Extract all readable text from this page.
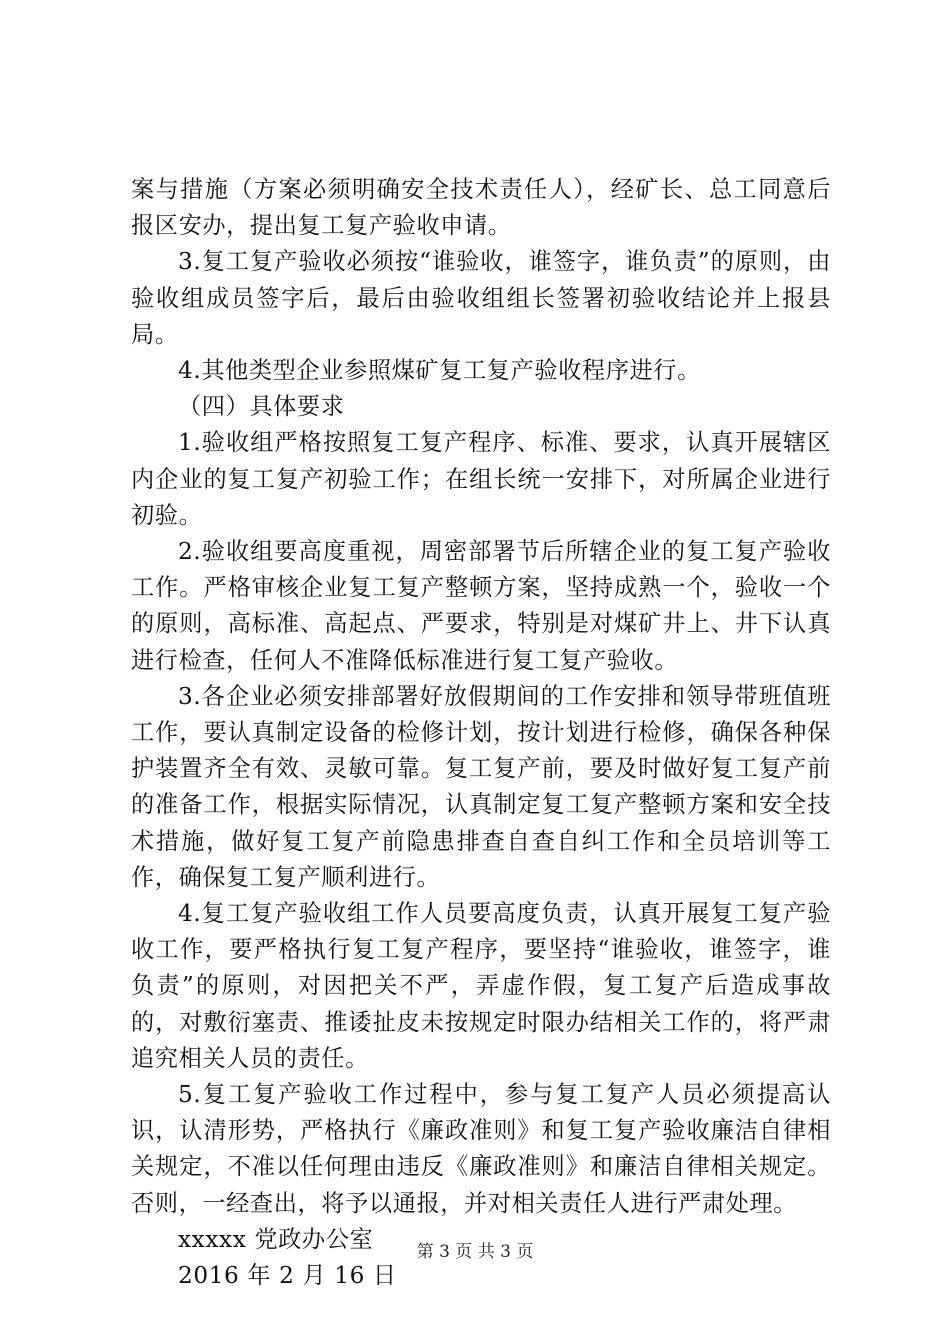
案与措施（方案必须明确安全技术责任人），经矿长、总工同意后报区安办，提出复工复产验收申请。

3.复工复产验收必须按“谁验收，谁签字，谁负责”的原则，由验收组成员签字后，最后由验收组组长签署初验收结论并上报县局。

4.其他类型企业参照煤矿复工复产验收程序进行。

（四）具体要求

1.验收组严格按照复工复产程序、标准、要求，认真开展辖区内企业的复工复产初验工作；在组长统一安排下，对所属企业进行初验。

2.验收组要高度重视，周密部署节后所辖企业的复工复产验收工作。严格审核企业复工复产整顿方案，坚持成熟一个，验收一个的原则，高标准、高起点、严要求，特别是对煤矿井上、井下认真进行检查，任何人不准降低标准进行复工复产验收。

3.各企业必须安排部署好放假期间的工作安排和领导带班值班工作，要认真制定设备的检修计划，按计划进行检修，确保各种保护装置齐全有效、灵敏可靠。复工复产前，要及时做好复工复产前的准备工作，根据实际情况，认真制定复工复产整顿方案和安全技术措施，做好复工复产前隐患排查自查自纠工作和全员培训等工作，确保复工复产顺利进行。

4.复工复产验收组工作人员要高度负责，认真开展复工复产验收工作，要严格执行复工复产程序，要坚持“谁验收，谁签字，谁负责”的原则，对因把关不严，弄虚作假，复工复产后造成事故的，对敷衍塞责、推诿扯皮未按规定时限办结相关工作的，将严肃追究相关人员的责任。

5.复工复产验收工作过程中，参与复工复产人员必须提高认识，认清形势，严格执行《廉政准则》和复工复产验收廉洁自律相关规定，不准以任何理由违反《廉政准则》和廉洁自律相关规定。否则，一经查出，将予以通报，并对相关责任人进行严肃处理。

xxxxx 党政办公室

2016 年 2 月 16 日

第 3 页 共 3 页
